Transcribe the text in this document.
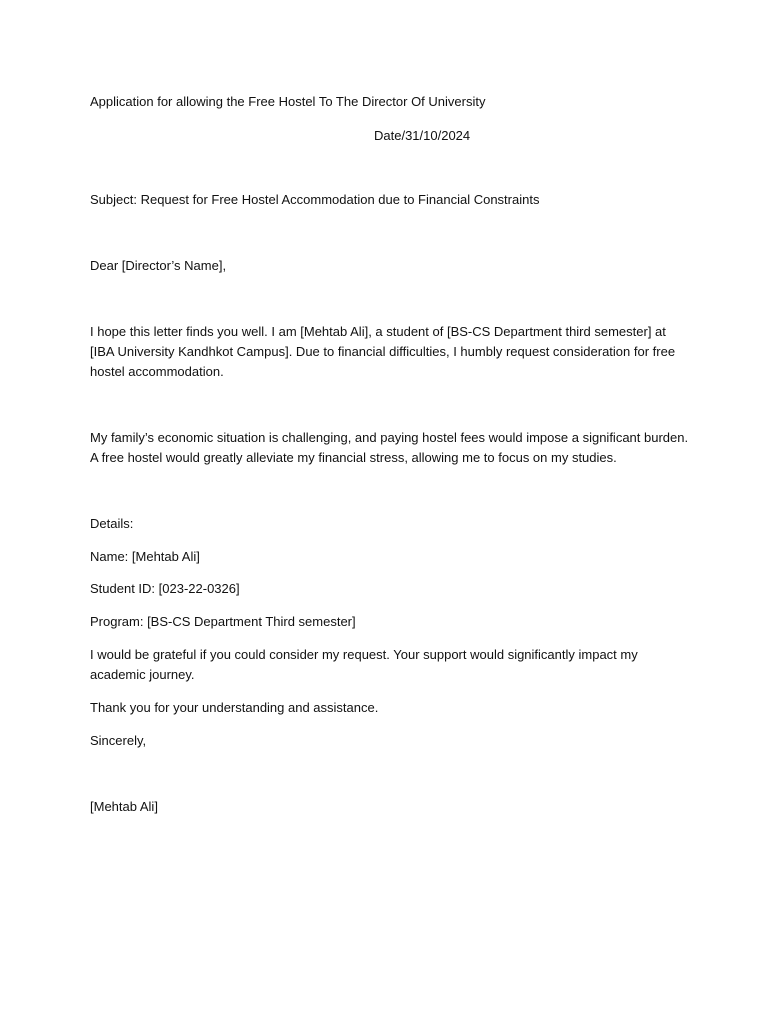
Application for allowing the Free Hostel To The Director Of University

Date/31/10/2024

Subject: Request for Free Hostel Accommodation due to Financial Constraints

Dear [Director’s Name],

I hope this letter finds you well. I am [Mehtab Ali], a student of [BS-CS Department third semester] at
[IBA University Kandhkot Campus]. Due to financial difficulties, I humbly request consideration for free
hostel accommodation.
My family’s economic situation is challenging, and paying hostel fees would impose a significant burden.
A free hostel would greatly alleviate my financial stress, allowing me to focus on my studies.

Details:

Name: [Mehtab Ali]

Student ID: [023-22-0326]

Program: [BS-CS Department Third semester]

I would be grateful if you could consider my request. Your support would significantly impact my
academic journey.

Thank you for your understanding and assistance.

Sincerely,

[Mehtab Ali]
